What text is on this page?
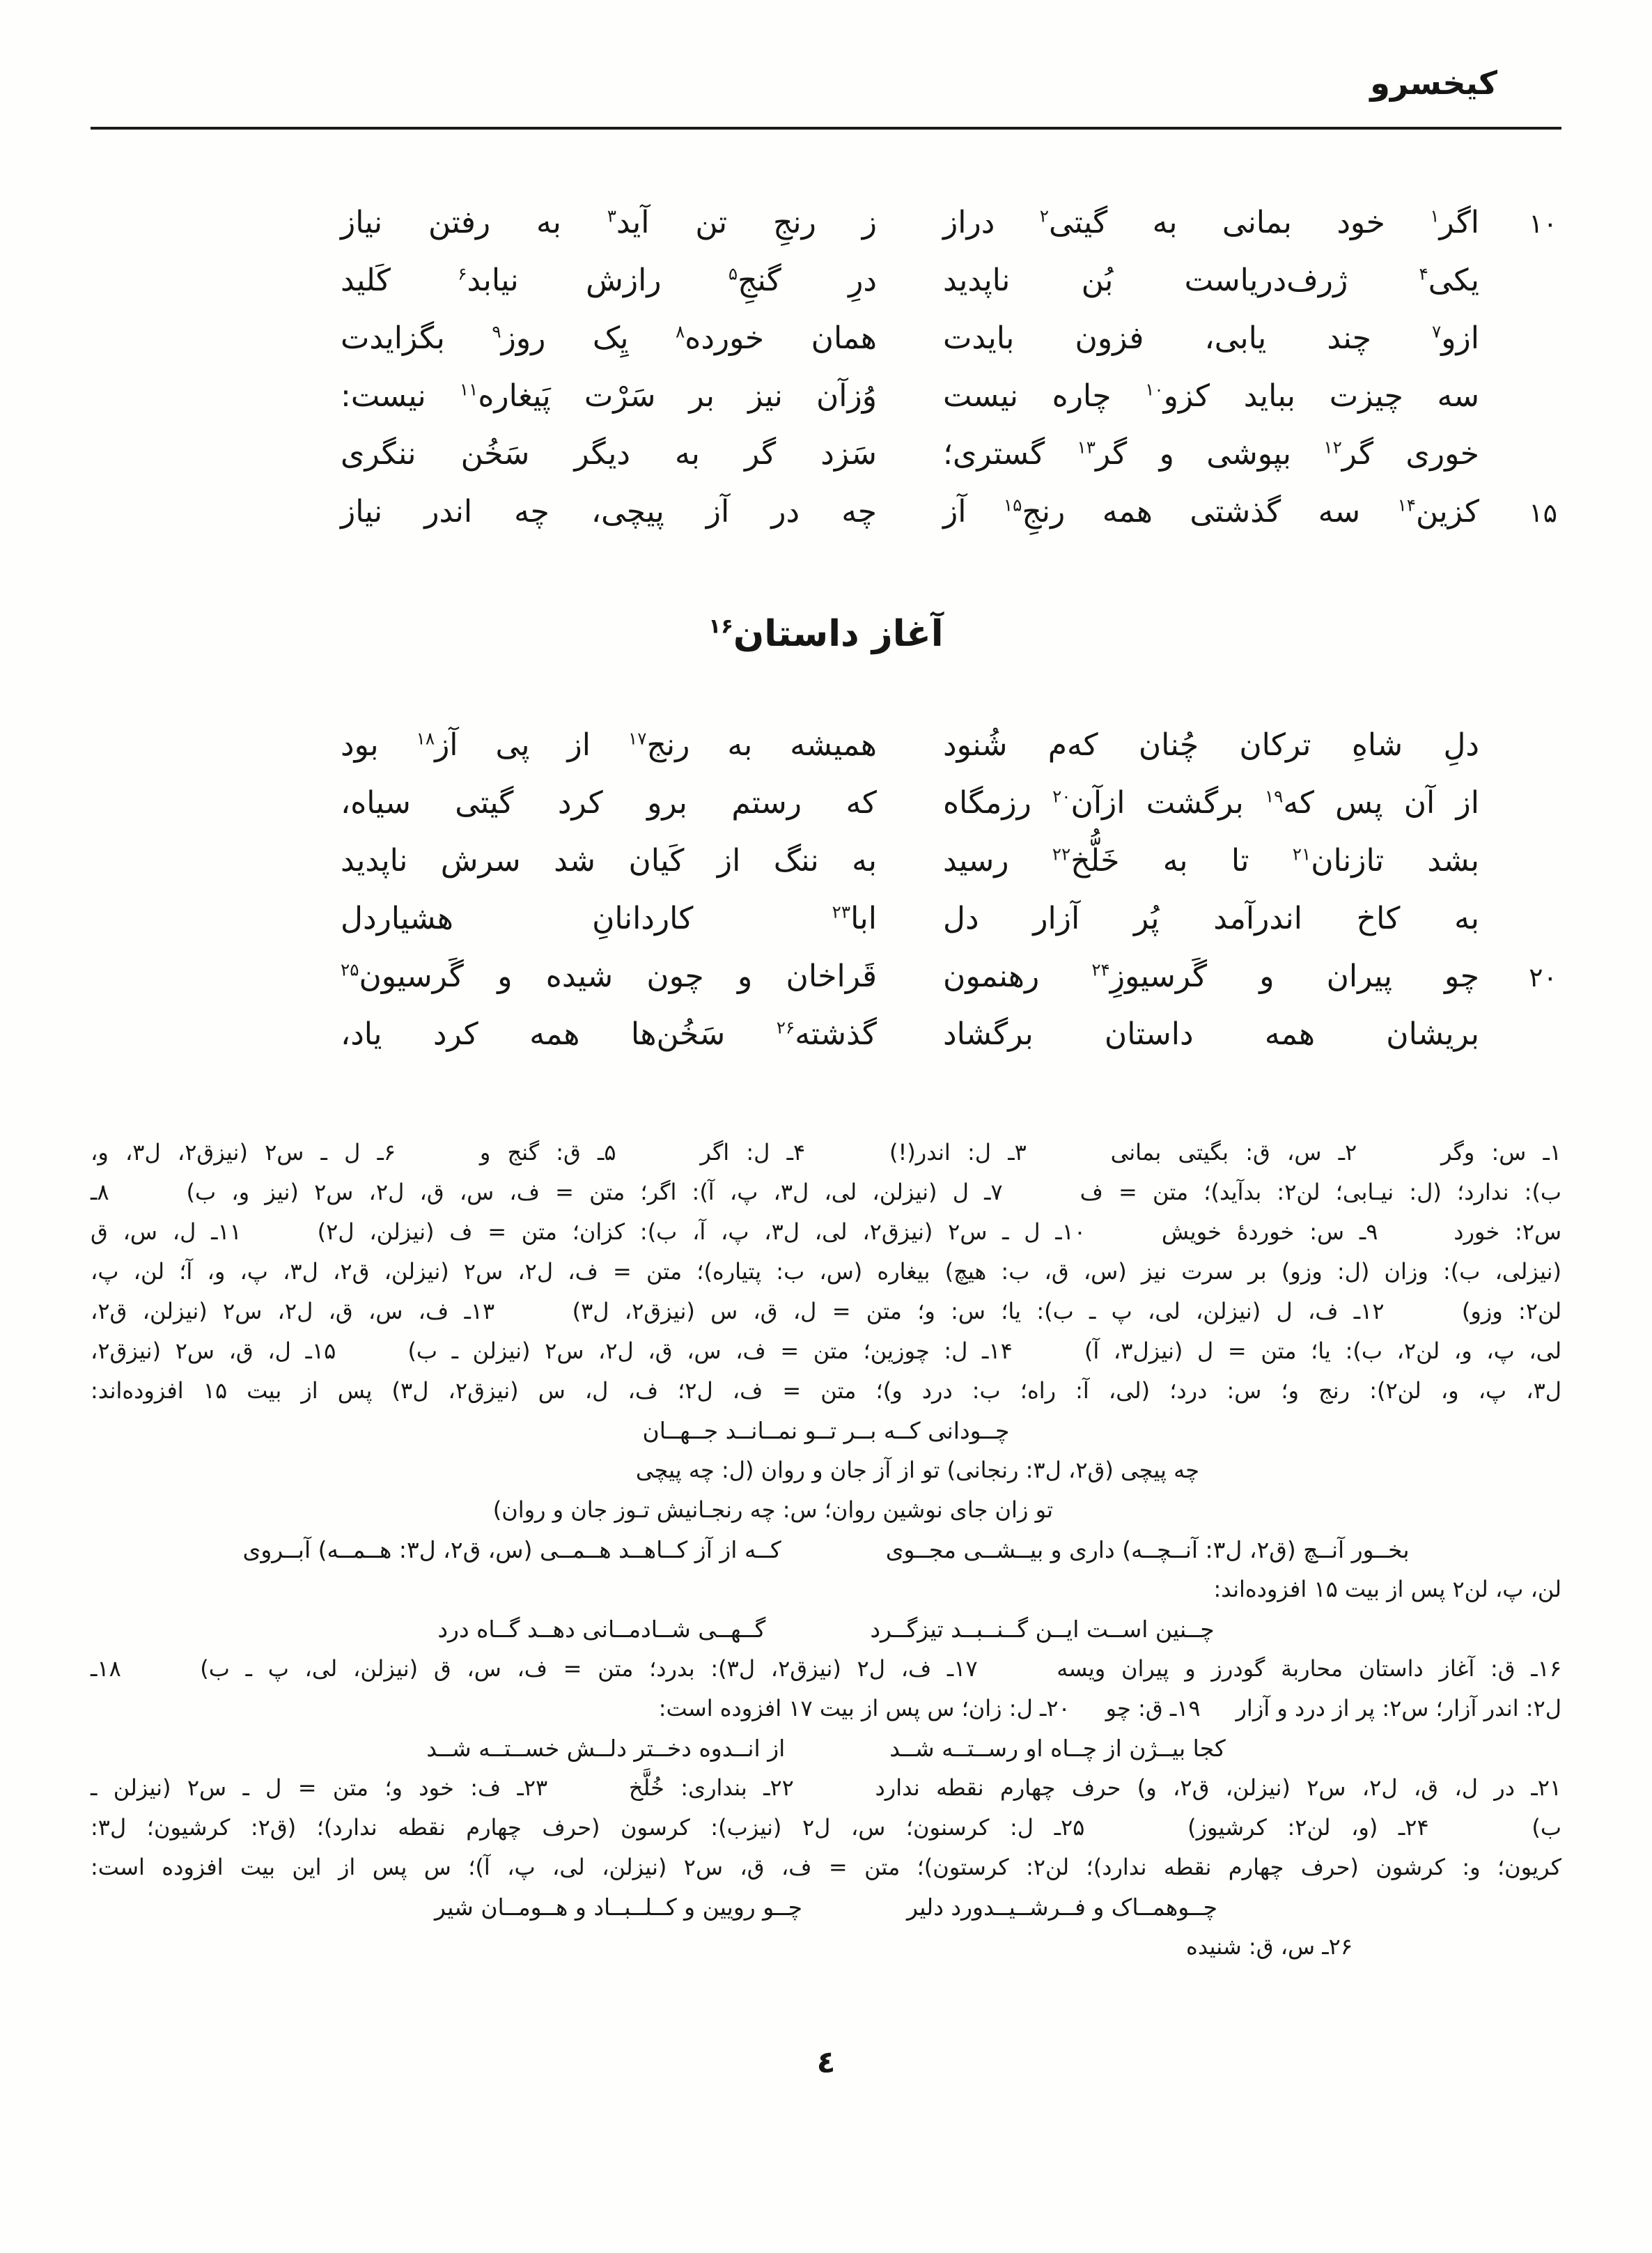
کیخسرو
۱۰
اگر$^۱$ خود بمانی به گیتی$^۲$ دراز
ز رنجِ تن آید$^۳$ به رفتن نیاز
یکی$^۴$ ژرف‌دریاست بُن ناپدید
درِ گنجِ$^۵$ رازش نیابد$^۶$ کَلید
ازو$^۷$ چند یابی، فزون بایدت
همان خورده$^۸$ یِک روز$^۹$ بگزایدت
سه چیزت بباید کزو$^{۱۰}$ چاره نیست
وُزآن نیز بر سَرْت پَیغاره$^{۱۱}$ نیست:
خوری گر$^{۱۲}$ بپوشی و گر$^{۱۳}$ گستری؛
سَزد گر به دیگر سَخُن ننگری
۱۵
کزین$^{۱۴}$ سه گذشتی همه رنجِ$^{۱۵}$ آز
چه در آز پیچی، چه اندر نیاز
آغاز داستان$^{۱۶}$
دلِ شاهِ ترکان چُنان که‌م شُنود
همیشه به رنج$^{۱۷}$ از پی آز$^{۱۸}$ بود
از آن پس که$^{۱۹}$ برگشت ازآن$^{۲۰}$ رزمگاه
که رستم برو کرد گیتی سیاه،
بشد تازنان$^{۲۱}$ تا به خَلُّخ$^{۲۲}$ رسید
به ننگ از کَیان شد سرش ناپدید
به کاخ اندرآمد پُر آزار دل
ابا$^{۲۳}$ کاردانانِ هشیاردل
۲۰
چو پیران و گَرسیوزِ$^{۲۴}$ رهنمون
قَراخان و چون شیده و گَرسیون$^{۲۵}$
بریشان همه داستان برگشاد
گذشته$^{۲۶}$ سَخُن‌ها همه کرد یاد،
۱ـ س: وگر     ۲ـ س، ق: بگیتی بمانی     ۳ـ ل: اندر(!)     ۴ـ ل: اگر     ۵ـ ق: گنج و     ۶ـ ل ـ س۲ (نیزق۲، ل۳، و،
ب): ندارد؛ (ل: نیـابی؛ لن۲: بدآید)؛ متن = ف     ۷ـ ل (نیزلن، لی، ل۳، پ، آ): اگر؛ متن = ف، س، ق، ل۲، س۲ (نیز و، ب)     ۸ـ
س۲: خورد     ۹ـ س: خوردهٔ خویش     ۱۰ـ ل ـ س۲ (نیزق۲، لی، ل۳، پ، آ، ب): کزان؛ متن = ف (نیزلن، ل۲)     ۱۱ـ ل، س، ق
(نیزلی، ب): وزان (ل: وزو) بر سرت نیز (س، ق، ب: هیچ) بیغاره (س، ب: پتیاره)؛ متن = ف، ل۲، س۲ (نیزلن، ق۲، ل۳، پ، و، آ؛ لن، پ،
لن۲: وزو)     ۱۲ـ ف، ل (نیزلن، لی، پ ـ ب): یا؛ س: و؛ متن = ل، ق، س (نیزق۲، ل۳)     ۱۳ـ ف، س، ق، ل۲، س۲ (نیزلن، ق۲،
لی، پ، و، لن۲، ب): یا؛ متن = ل (نیزل۳، آ)     ۱۴ـ ل: چوزین؛ متن = ف، س، ق، ل۲، س۲ (نیزلن ـ ب)     ۱۵ـ ل، ق، س۲ (نیزق۲،
ل۳، پ، و، لن۲): رنج و؛ س: درد؛ (لی، آ: راه؛ ب: درد و)؛ متن = ف، ل۲؛ ف، ل، س (نیزق۲، ل۳) پس از بیت ۱۵ افزوده‌اند:
چــودانی کــه بــر تــو نمــانــد جــهــان
چه پیچی (ق۲، ل۳: رنجانی) تو از آز جان و روان (ل: چه پیچی
تو زان جای نوشین روان؛ س: چه رنجـانیش تـوز جان و روان)
بخــور آنــچ (ق۲، ل۳: آنــچــه) داری و بیــشــی مجــوی
کــه از آز کــاهــد هــمــی (س، ق۲، ل۳: هــمــه) آبــروی
لن، پ، لن۲ پس از بیت ۱۵ افزوده‌اند:
چــنین اســت ایــن گــنــبــد تیزگــرد
گــهــی شــادمــانی دهــد گــاه درد
۱۶ـ ق: آغاز داستان محاربة گودرز و پیران ویسه     ۱۷ـ ف، ل۲ (نیزق۲، ل۳): بدرد؛ متن = ف، س، ق (نیزلن، لی، پ ـ ب)     ۱۸ـ
ل۲: اندر آزار؛ س۲: پر از درد و آزار     ۱۹ـ ق: چو     ۲۰ـ ل: زان؛ س پس از بیت ۱۷ افزوده است:
کجا بیــژن از چــاه او رســتــه شــد
از انــدوه دخــتر دلــش خســتــه شــد
۲۱ـ در ل، ق، ل۲، س۲ (نیزلن، ق۲، و) حرف چهارم نقطه ندارد     ۲۲ـ بنداری: خُلَّخ     ۲۳ـ ف: خود و؛ متن = ل ـ س۲ (نیزلن ـ
ب)     ۲۴ـ (و، لن۲: کرشیوز)     ۲۵ـ ل: کرسنون؛ س، ل۲ (نیزب): کرسون (حرف چهارم نقطه ندارد)؛ (ق۲: کرشیون؛ ل۳:
کریون؛ و: کرشون (حرف چهارم نقطه ندارد)؛ لن۲: کرستون)؛ متن = ف، ق، س۲ (نیزلن، لی، پ، آ)؛ س پس از این بیت افزوده است:
چــوهمــاک و فــرشــیــدورد دلیر
چــو رویین و کــلــبــاد و هــومــان شیر
۲۶ـ س، ق: شنیده
٤
